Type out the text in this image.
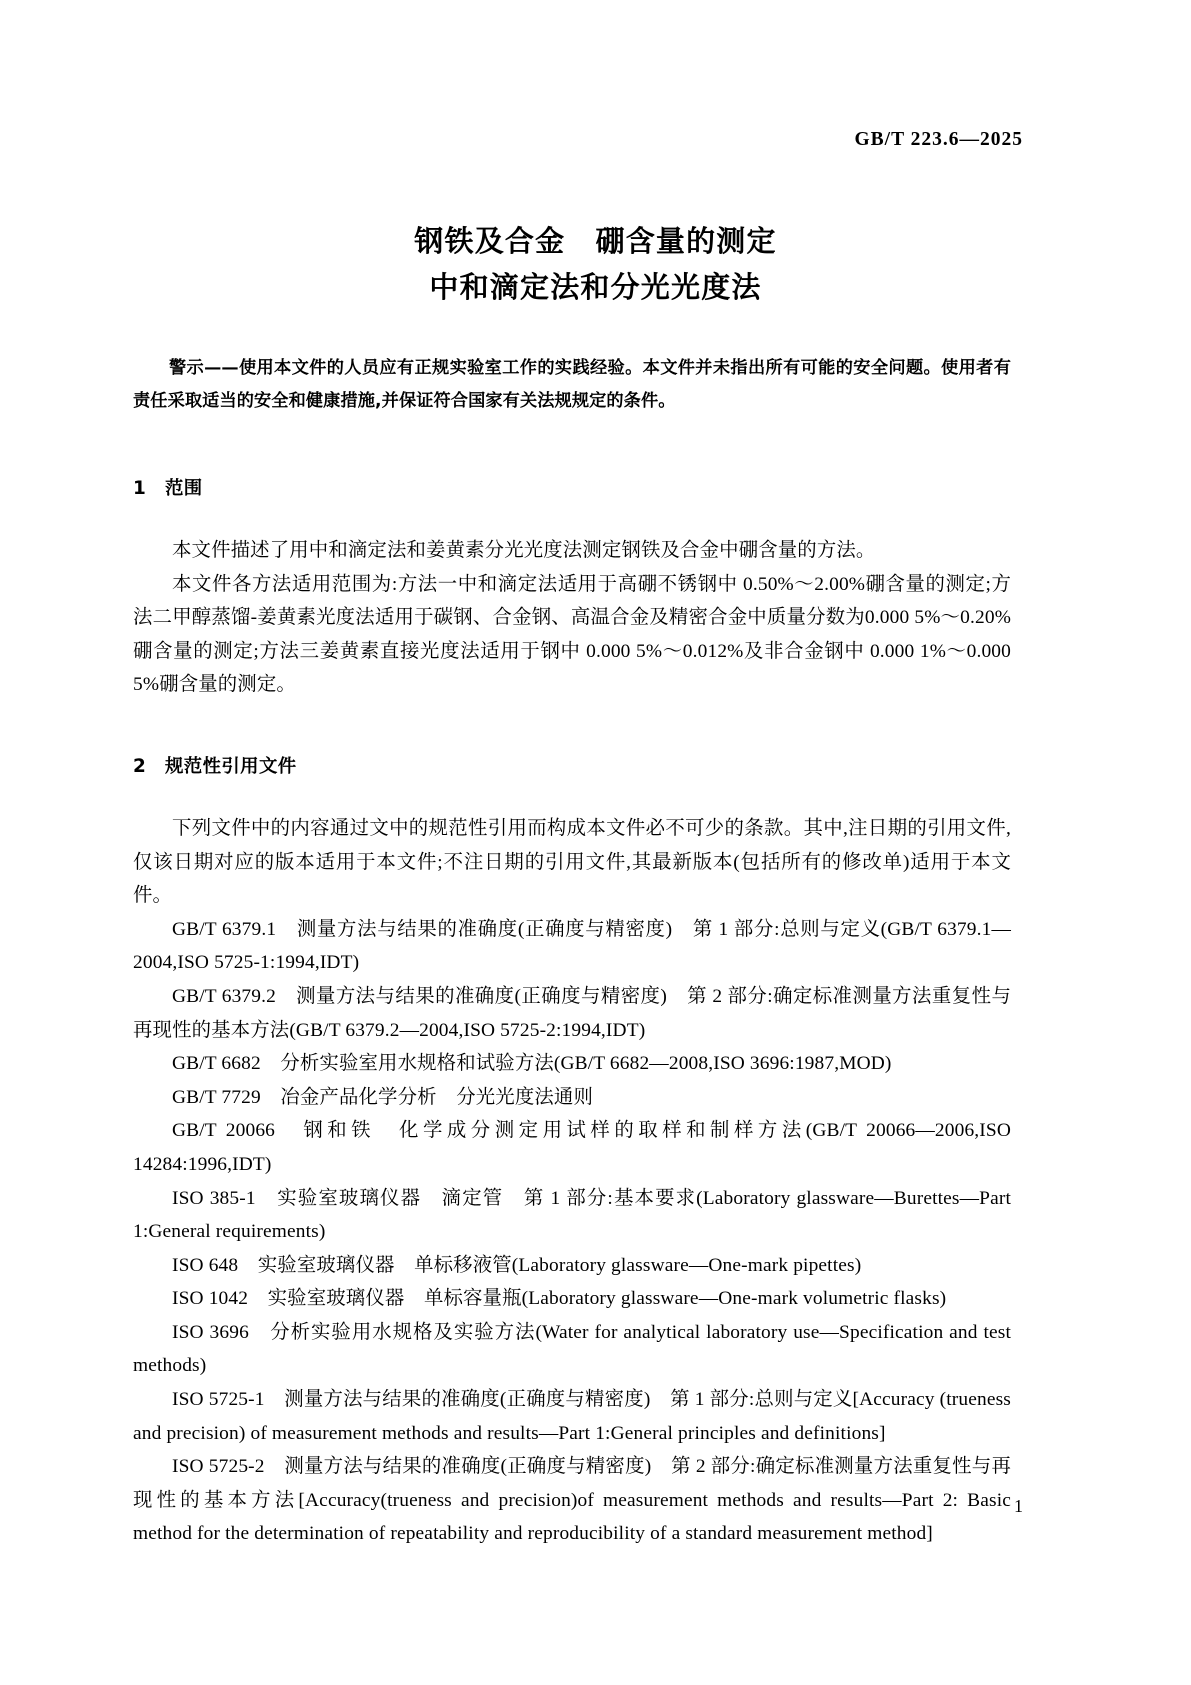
GB/T 223.6—2025
钢铁及合金　硼含量的测定
中和滴定法和分光光度法

警示——使用本文件的人员应有正规实验室工作的实践经验。本文件并未指出所有可能的安全问题。使用者有责任采取适当的安全和健康措施,并保证符合国家有关法规规定的条件。

1　范围

本文件描述了用中和滴定法和姜黄素分光光度法测定钢铁及合金中硼含量的方法。

本文件各方法适用范围为:方法一中和滴定法适用于高硼不锈钢中 0.50%～2.00%硼含量的测定;方法二甲醇蒸馏-姜黄素光度法适用于碳钢、合金钢、高温合金及精密合金中质量分数为0.000 5%～0.20%硼含量的测定;方法三姜黄素直接光度法适用于钢中 0.000 5%～0.012%及非合金钢中 0.000 1%～0.000 5%硼含量的测定。

2　规范性引用文件

下列文件中的内容通过文中的规范性引用而构成本文件必不可少的条款。其中,注日期的引用文件,仅该日期对应的版本适用于本文件;不注日期的引用文件,其最新版本(包括所有的修改单)适用于本文件。

GB/T 6379.1　测量方法与结果的准确度(正确度与精密度)　第 1 部分:总则与定义(GB/T 6379.1—2004,ISO 5725-1:1994,IDT)

GB/T 6379.2　测量方法与结果的准确度(正确度与精密度)　第 2 部分:确定标准测量方法重复性与再现性的基本方法(GB/T 6379.2—2004,ISO 5725-2:1994,IDT)

GB/T 6682　分析实验室用水规格和试验方法(GB/T 6682—2008,ISO 3696:1987,MOD)

GB/T 7729　冶金产品化学分析　分光光度法通则

GB/T 20066　钢和铁　化学成分测定用试样的取样和制样方法(GB/T 20066—2006,ISO 14284:1996,IDT)

ISO 385-1　实验室玻璃仪器　滴定管　第 1 部分:基本要求(Laboratory glassware—Burettes—Part 1:General requirements)

ISO 648　实验室玻璃仪器　单标移液管(Laboratory glassware—One-mark pipettes)

ISO 1042　实验室玻璃仪器　单标容量瓶(Laboratory glassware—One-mark volumetric flasks)

ISO 3696　分析实验用水规格及实验方法(Water for analytical laboratory use—Specification and test methods)

ISO 5725-1　测量方法与结果的准确度(正确度与精密度)　第 1 部分:总则与定义[Accuracy (trueness and precision) of measurement methods and results—Part 1:General principles and definitions]

ISO 5725-2　测量方法与结果的准确度(正确度与精密度)　第 2 部分:确定标准测量方法重复性与再现性的基本方法[Accuracy(trueness and precision)of measurement methods and results—Part 2: Basic method for the determination of repeatability and reproducibility of a standard measurement method]

1
